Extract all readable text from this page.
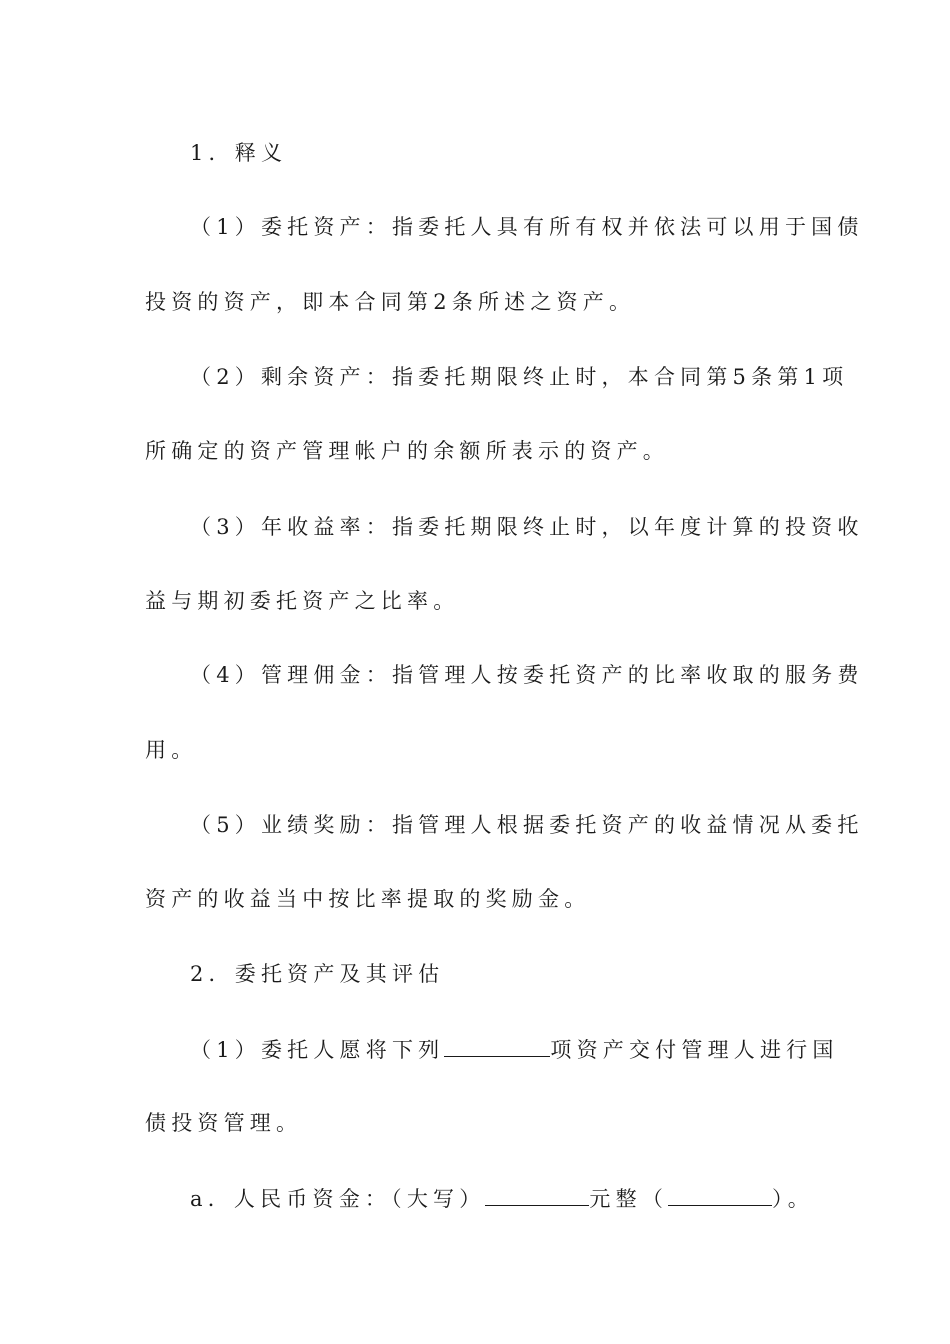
1．释义
（1）委托资产：指委托人具有所有权并依法可以用于国债
投资的资产，即本合同第2条所述之资产。
（2）剩余资产：指委托期限终止时，本合同第5条第1项
所确定的资产管理帐户的余额所表示的资产。
（3）年收益率：指委托期限终止时，以年度计算的投资收
益与期初委托资产之比率。
（4）管理佣金：指管理人按委托资产的比率收取的服务费
用。
（5）业绩奖励：指管理人根据委托资产的收益情况从委托
资产的收益当中按比率提取的奖励金。
2．委托资产及其评估
（1）委托人愿将下列	项资产交付管理人进行国
债投资管理。
a．人民币资金：（大写）	元整（	）。
